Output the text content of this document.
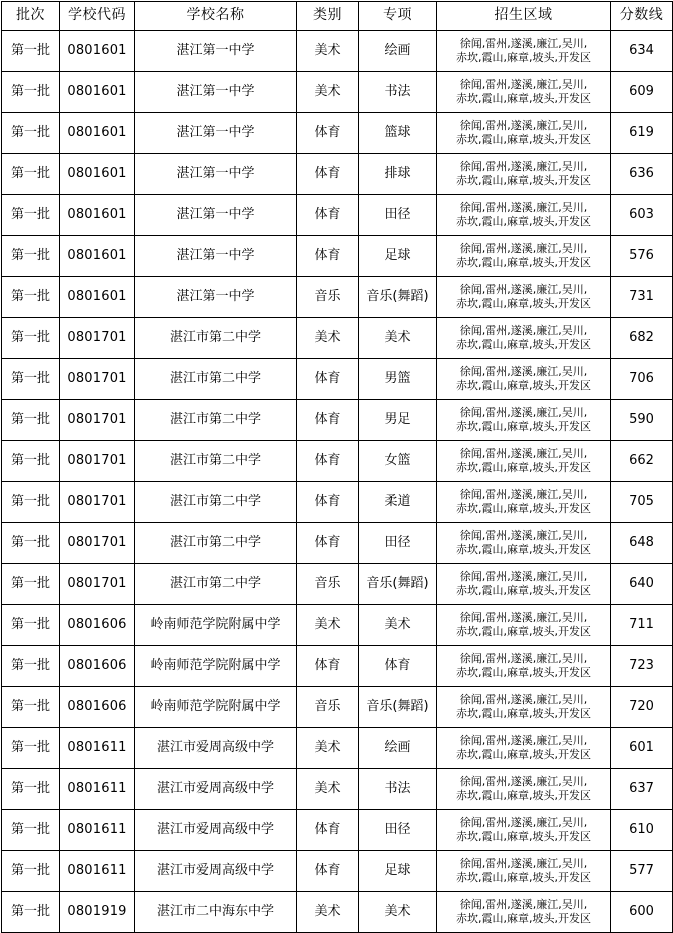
批次	学校代码	学校名称	类别	专项	招生区域	分数线
第一批	0801601	湛江第一中学	美术	绘画	徐闻,雷州,遂溪,廉江,吴川,
赤坎,霞山,麻章,坡头,开发区	634
第一批	0801601	湛江第一中学	美术	书法	徐闻,雷州,遂溪,廉江,吴川,
赤坎,霞山,麻章,坡头,开发区	609
第一批	0801601	湛江第一中学	体育	篮球	徐闻,雷州,遂溪,廉江,吴川,
赤坎,霞山,麻章,坡头,开发区	619
第一批	0801601	湛江第一中学	体育	排球	徐闻,雷州,遂溪,廉江,吴川,
赤坎,霞山,麻章,坡头,开发区	636
第一批	0801601	湛江第一中学	体育	田径	徐闻,雷州,遂溪,廉江,吴川,
赤坎,霞山,麻章,坡头,开发区	603
第一批	0801601	湛江第一中学	体育	足球	徐闻,雷州,遂溪,廉江,吴川,
赤坎,霞山,麻章,坡头,开发区	576
第一批	0801601	湛江第一中学	音乐	音乐(舞蹈)	徐闻,雷州,遂溪,廉江,吴川,
赤坎,霞山,麻章,坡头,开发区	731
第一批	0801701	湛江市第二中学	美术	美术	徐闻,雷州,遂溪,廉江,吴川,
赤坎,霞山,麻章,坡头,开发区	682
第一批	0801701	湛江市第二中学	体育	男篮	徐闻,雷州,遂溪,廉江,吴川,
赤坎,霞山,麻章,坡头,开发区	706
第一批	0801701	湛江市第二中学	体育	男足	徐闻,雷州,遂溪,廉江,吴川,
赤坎,霞山,麻章,坡头,开发区	590
第一批	0801701	湛江市第二中学	体育	女篮	徐闻,雷州,遂溪,廉江,吴川,
赤坎,霞山,麻章,坡头,开发区	662
第一批	0801701	湛江市第二中学	体育	柔道	徐闻,雷州,遂溪,廉江,吴川,
赤坎,霞山,麻章,坡头,开发区	705
第一批	0801701	湛江市第二中学	体育	田径	徐闻,雷州,遂溪,廉江,吴川,
赤坎,霞山,麻章,坡头,开发区	648
第一批	0801701	湛江市第二中学	音乐	音乐(舞蹈)	徐闻,雷州,遂溪,廉江,吴川,
赤坎,霞山,麻章,坡头,开发区	640
第一批	0801606	岭南师范学院附属中学	美术	美术	徐闻,雷州,遂溪,廉江,吴川,
赤坎,霞山,麻章,坡头,开发区	711
第一批	0801606	岭南师范学院附属中学	体育	体育	徐闻,雷州,遂溪,廉江,吴川,
赤坎,霞山,麻章,坡头,开发区	723
第一批	0801606	岭南师范学院附属中学	音乐	音乐(舞蹈)	徐闻,雷州,遂溪,廉江,吴川,
赤坎,霞山,麻章,坡头,开发区	720
第一批	0801611	湛江市爱周高级中学	美术	绘画	徐闻,雷州,遂溪,廉江,吴川,
赤坎,霞山,麻章,坡头,开发区	601
第一批	0801611	湛江市爱周高级中学	美术	书法	徐闻,雷州,遂溪,廉江,吴川,
赤坎,霞山,麻章,坡头,开发区	637
第一批	0801611	湛江市爱周高级中学	体育	田径	徐闻,雷州,遂溪,廉江,吴川,
赤坎,霞山,麻章,坡头,开发区	610
第一批	0801611	湛江市爱周高级中学	体育	足球	徐闻,雷州,遂溪,廉江,吴川,
赤坎,霞山,麻章,坡头,开发区	577
第一批	0801919	湛江市二中海东中学	美术	美术	徐闻,雷州,遂溪,廉江,吴川,
赤坎,霞山,麻章,坡头,开发区	600
